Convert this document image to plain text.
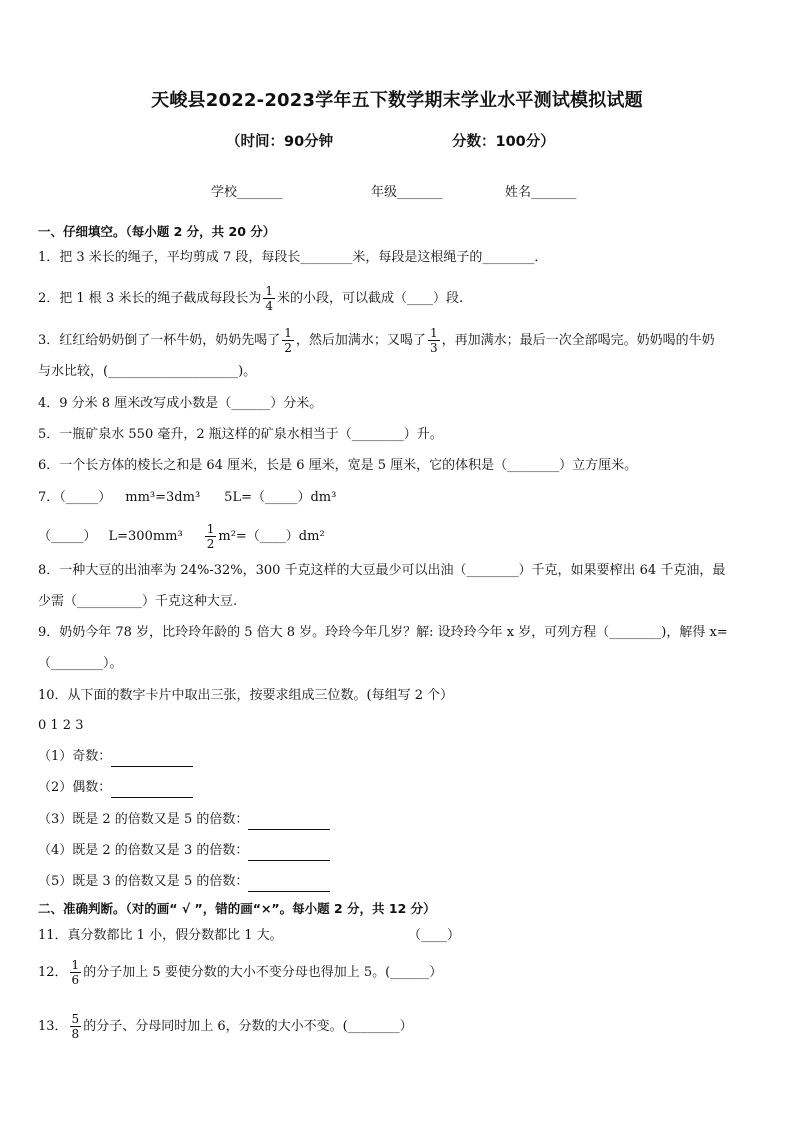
天峻县2022-2023学年五下数学期末学业水平测试模拟试题
（时间：90分钟	分数：100分）
学校_______	年级_______	姓名_______
一、仔细填空。（每小题 2 分，共 20 分）
1．把 3 米长的绳子，平均剪成 7 段，每段长________米，每段是这根绳子的________．
2．把 1 根 3 米长的绳子截成每段长为 $\frac{1}{4}$ 米的小段，可以截成（____）段.
3．红红给奶奶倒了一杯牛奶，奶奶先喝了 $\frac{1}{2}$ ，然后加满水；又喝了 $\frac{1}{3}$ ，再加满水；最后一次全部喝完。奶奶喝的牛奶
与水比较，(____________________)。
4．9 分米 8 厘米改写成小数是（______）分米。
5．一瓶矿泉水 550 毫升，2 瓶这样的矿泉水相当于（________）升。
6．一个长方体的棱长之和是 64 厘米，长是 6 厘米，宽是 5 厘米，它的体积是（________）立方厘米。
7．（_____） mm³=3dm³ 5L=（_____）dm³
（_____） $L=300mm^3 \frac{1}{2}$ m²=（____）dm²
8．一种大豆的出油率为 24%-32%，300 千克这样的大豆最少可以出油（________）千克，如果要榨出 64 千克油，最
少需（__________）千克这种大豆.
9．奶奶今年 78 岁，比玲玲年龄的 5 倍大 8 岁。玲玲今年几岁？解: 设玲玲今年 x 岁，可列方程（________)，解得 x=
（________）。
10．从下面的数字卡片中取出三张，按要求组成三位数。(每组写 2 个）
0 1 2 3
（1）奇数：
（2）偶数：
（3）既是 2 的倍数又是 5 的倍数：
（4）既是 2 的倍数又是 3 的倍数：
（5）既是 3 的倍数又是 5 的倍数：
二、准确判断。（对的画“ √ ”，错的画“×”。每小题 2 分，共 12 分）
11．真分数都比 1 小，假分数都比 1 大。	（____）
12． $\frac{1}{6}$ 的分子加上 5 要使分数的大小不变分母也得加上 5。(______）
13． $\frac{5}{8}$ 的分子、分母同时加上 6，分数的大小不变。(________）
